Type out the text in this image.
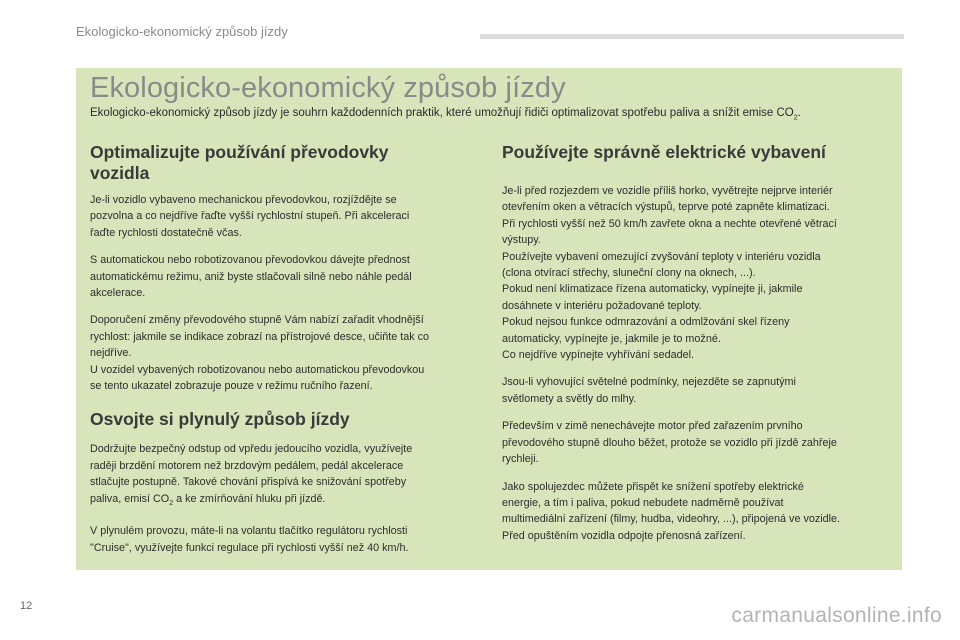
Ekologicko-ekonomický způsob jízdy
Ekologicko-ekonomický způsob jízdy

Ekologicko-ekonomický způsob jízdy je souhrn každodenních praktik, které umožňují řidiči optimalizovat spotřebu paliva a snížit emise $CO_2$.

Optimalizujte používání převodovky
vozidla

Je-li vozidlo vybaveno mechanickou převodovkou, rozjíždějte se
pozvolna a co nejdříve řaďte vyšší rychlostní stupeň. Při akceleraci
řaďte rychlosti dostatečně včas.

S automatickou nebo robotizovanou převodovkou dávejte přednost
automatickému režimu, aniž byste stlačovali silně nebo náhle pedál
akcelerace.

Doporučení změny převodového stupně Vám nabízí zařadit vhodnější
rychlost: jakmile se indikace zobrazí na přístrojové desce, učiňte tak co
nejdříve.
U vozidel vybavených robotizovanou nebo automatickou převodovkou
se tento ukazatel zobrazuje pouze v režimu ručního řazení.

Osvojte si plynulý způsob jízdy

Dodržujte bezpečný odstup od vpředu jedoucího vozidla, využívejte
raději brzdění motorem než brzdovým pedálem, pedál akcelerace
stlačujte postupně. Takové chování přispívá ke snižování spotřeby
paliva, emisí $CO_2$ a ke zmírňování hluku při jízdě.

V plynulém provozu, máte-li na volantu tlačítko regulátoru rychlosti
"Cruise", využívejte funkci regulace při rychlosti vyšší než 40 km/h.

Používejte správně elektrické vybavení

Je-li před rozjezdem ve vozidle příliš horko, vyvětrejte nejprve interiér
otevřením oken a větracích výstupů, teprve poté zapněte klimatizaci.
Při rychlosti vyšší než 50 km/h zavřete okna a nechte otevřené větrací
výstupy.
Používejte vybavení omezující zvyšování teploty v interiéru vozidla
(clona otvírací střechy, sluneční clony na oknech, ...).
Pokud není klimatizace řízena automaticky, vypínejte ji, jakmile
dosáhnete v interiéru požadované teploty.
Pokud nejsou funkce odmrazování a odmlžování skel řízeny
automaticky, vypínejte je, jakmile je to možné.
Co nejdříve vypínejte vyhřívání sedadel.

Jsou-li vyhovující světelné podmínky, nejezděte se zapnutými
světlomety a světly do mlhy.

Především v zimě nenechávejte motor před zařazením prvního
převodového stupně dlouho běžet, protože se vozidlo při jízdě zahřeje
rychleji.

Jako spolujezdec můžete přispět ke snížení spotřeby elektrické
energie, a tím i paliva, pokud nebudete nadměrně používat
multimediální zařízení (filmy, hudba, videohry, ...), připojená ve vozidle.
Před opuštěním vozidla odpojte přenosná zařízení.

12	carmanualsonline.info
